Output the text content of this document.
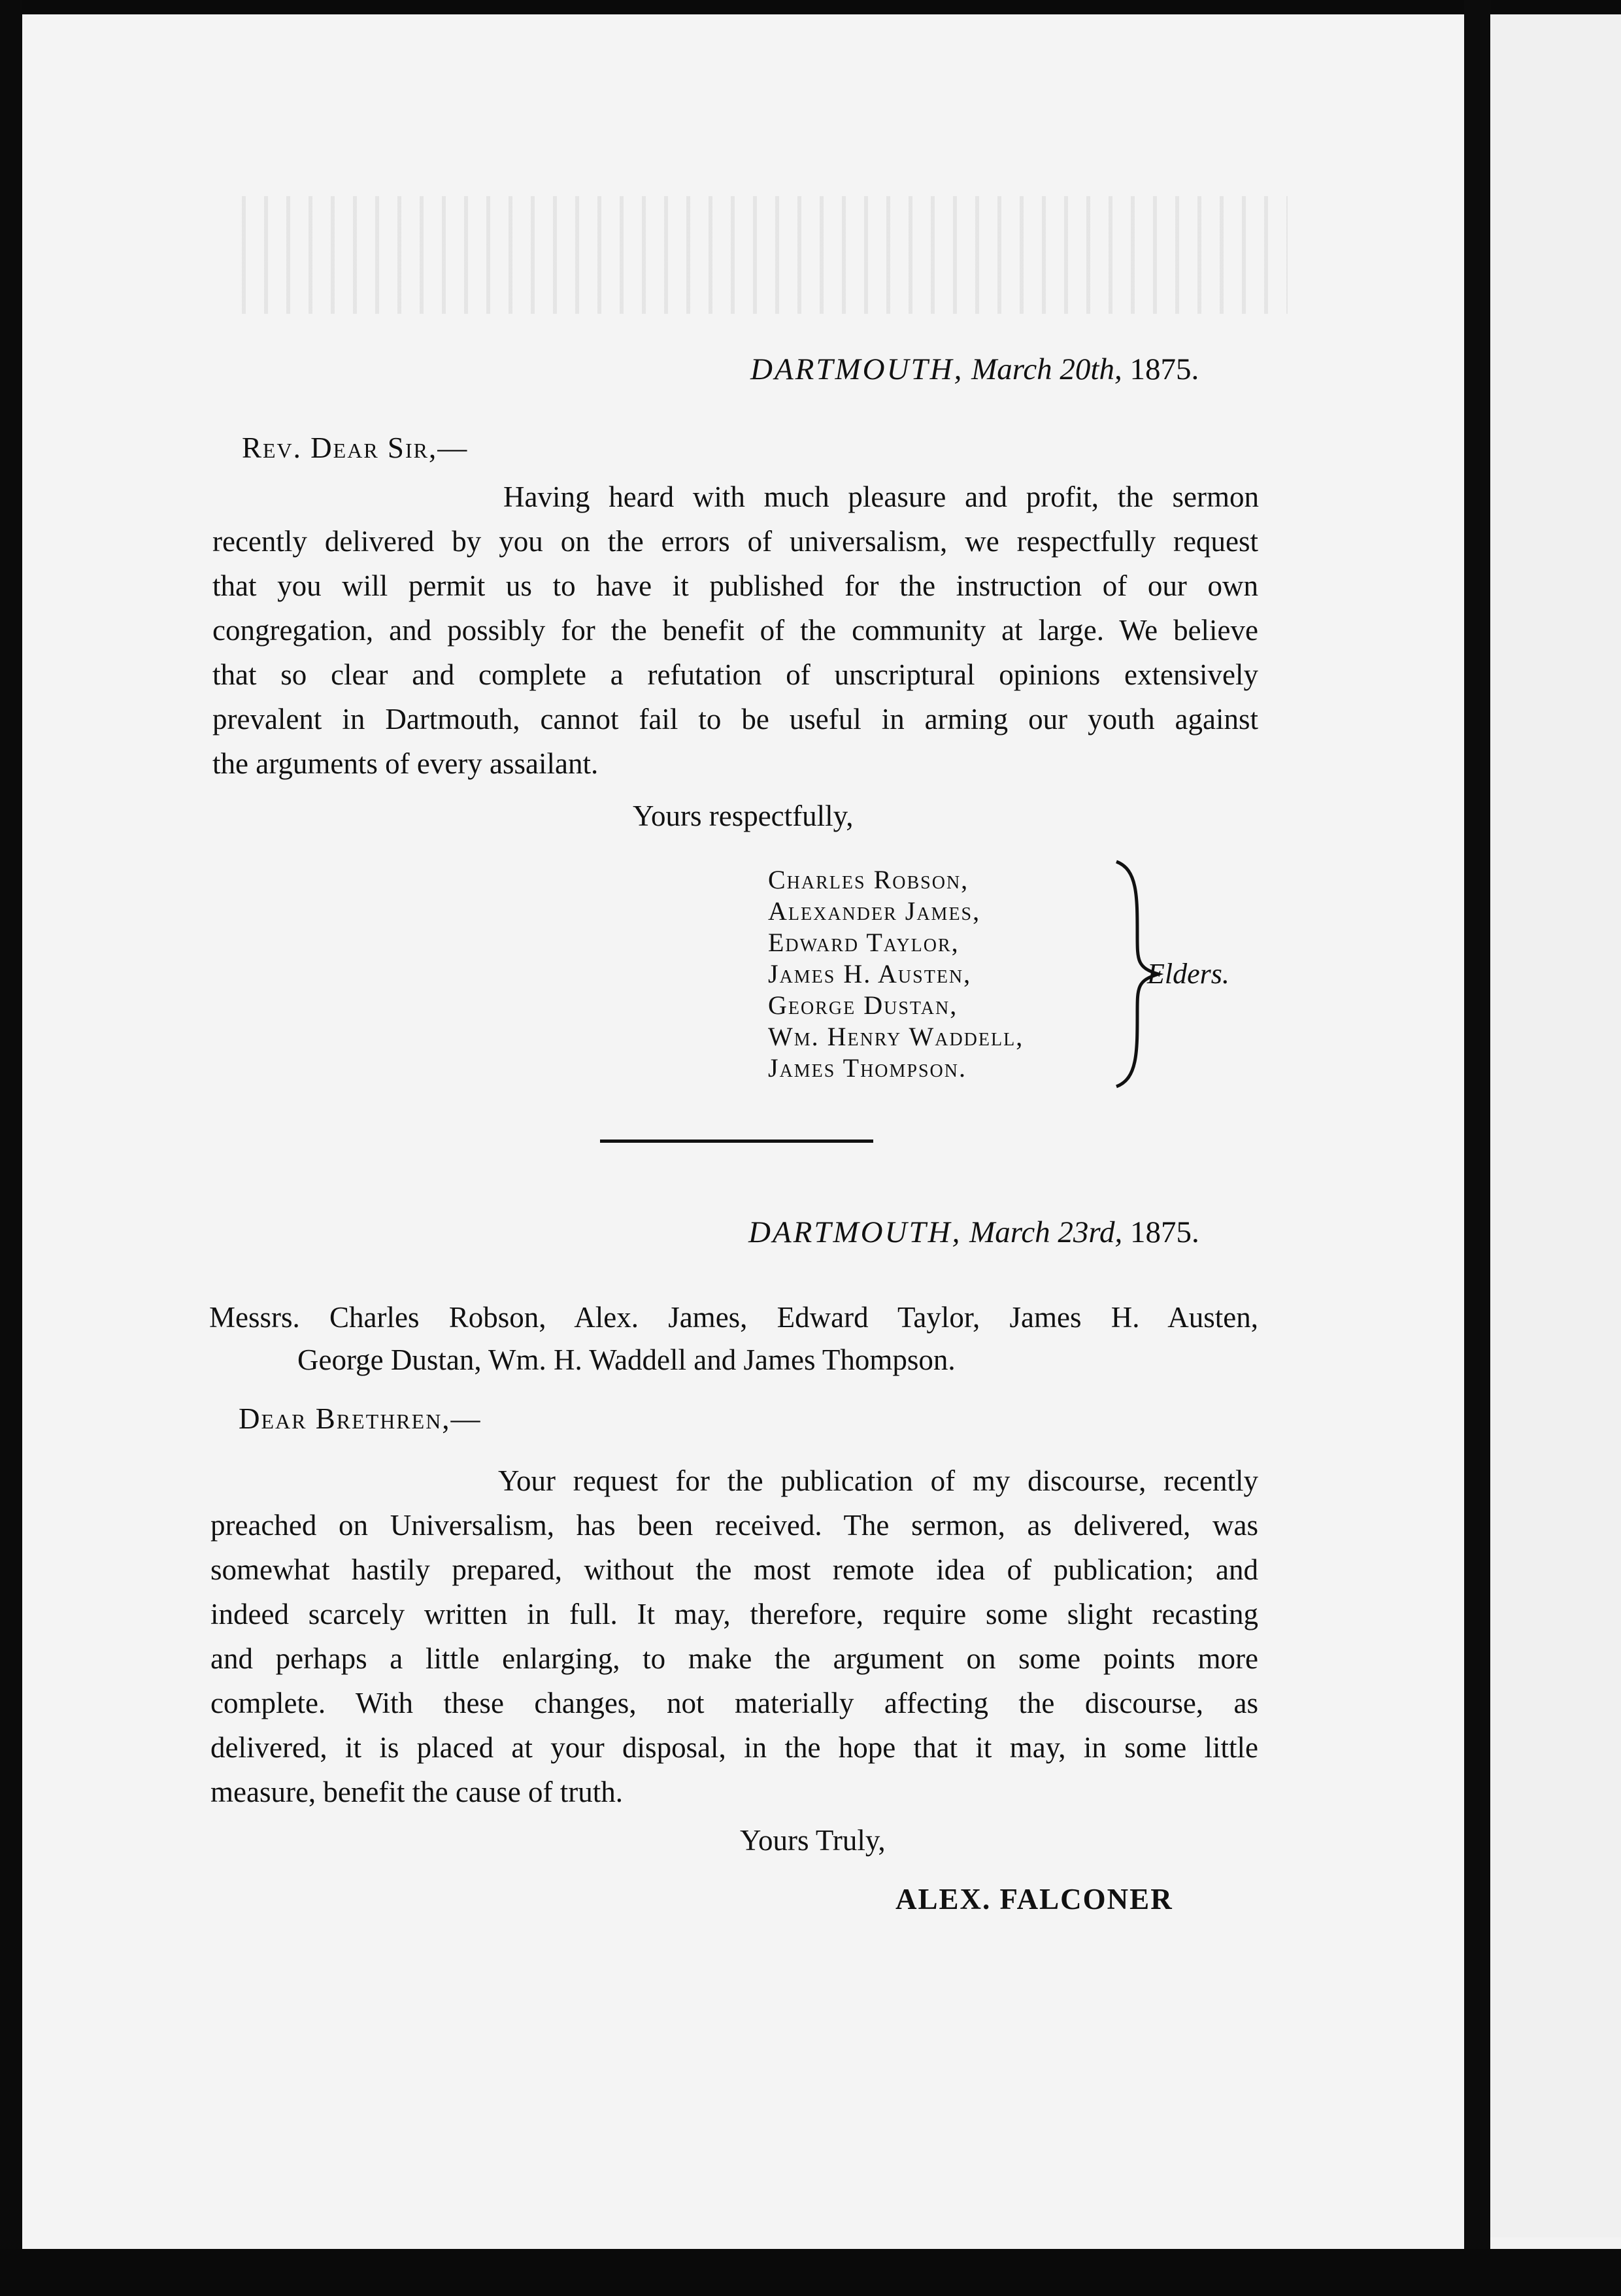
DARTMOUTH, March 20th, 1875.
Rev. Dear Sir,—
Having heard with much pleasure and profit, the sermon
recently delivered by you on the errors of universalism, we respectfully request
that you will permit us to have it published for the instruction of our own
congregation, and possibly for the benefit of the community at large. We believe
that so clear and complete a refutation of unscriptural opinions extensively
prevalent in Dartmouth, cannot fail to be useful in arming our youth against
the arguments of every assailant.
Yours respectfully,
Charles Robson,
Alexander James,
Edward Taylor,
James H. Austen,
George Dustan,
Wm. Henry Waddell,
James Thompson.
Elders.
DARTMOUTH, March 23rd, 1875.
Messrs. Charles Robson, Alex. James, Edward Taylor, James H. Austen,
George Dustan, Wm. H. Waddell and James Thompson.
Dear Brethren,—
Your request for the publication of my discourse, recently
preached on Universalism, has been received. The sermon, as delivered, was
somewhat hastily prepared, without the most remote idea of publication; and
indeed scarcely written in full. It may, therefore, require some slight recasting
and perhaps a little enlarging, to make the argument on some points more
complete. With these changes, not materially affecting the discourse, as
delivered, it is placed at your disposal, in the hope that it may, in some little
measure, benefit the cause of truth.
Yours Truly,
ALEX. FALCONER
